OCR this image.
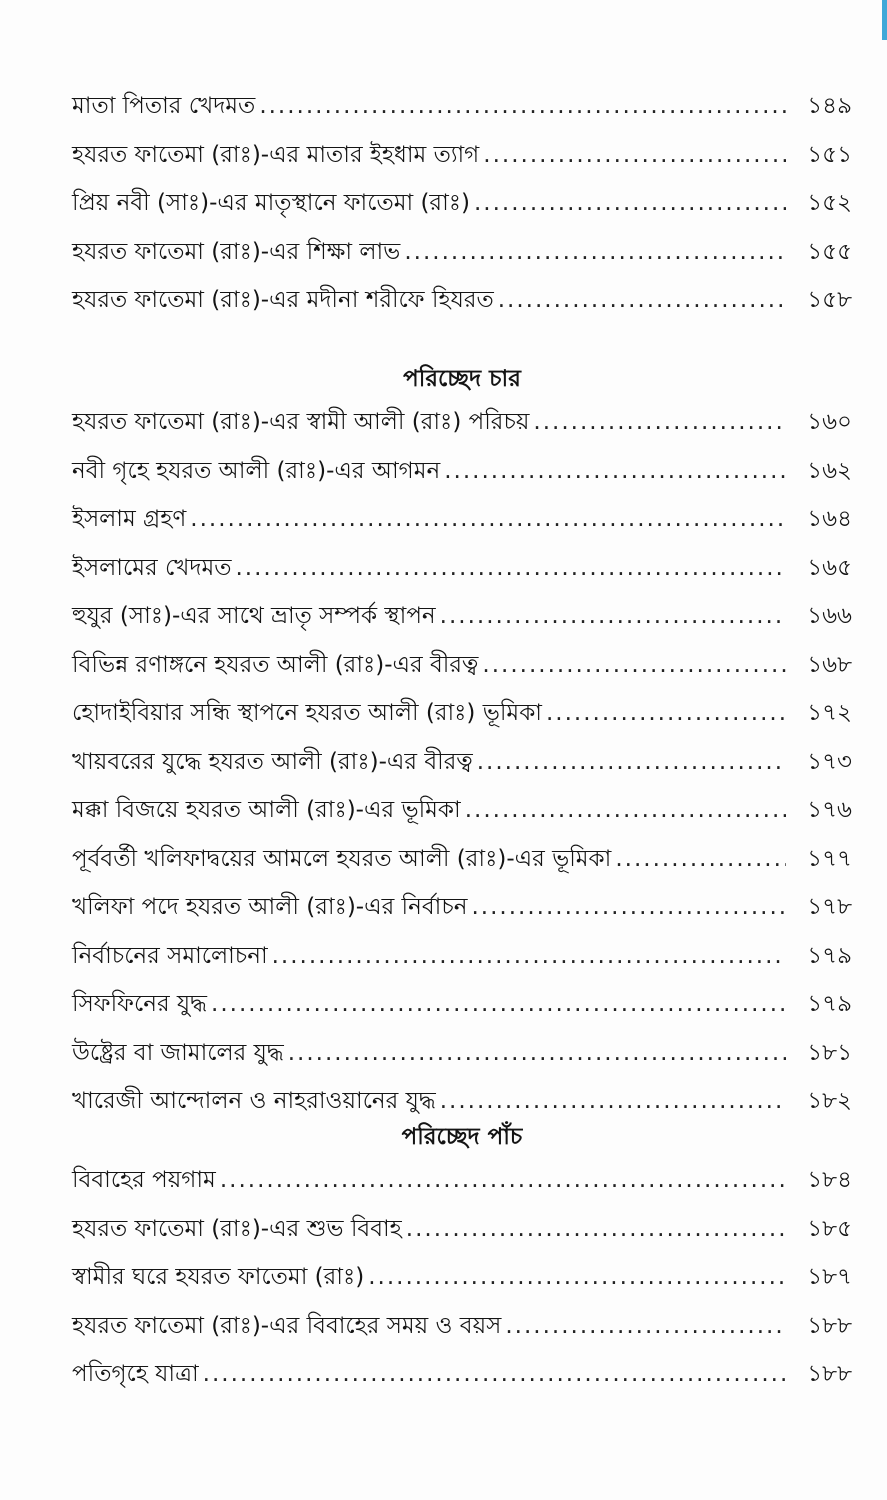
মাতা পিতার খেদমত .....	১৪৯
হযরত ফাতেমা (রাঃ)-এর মাতার ইহধাম ত্যাগ .....	১৫১
প্রিয় নবী (সাঃ)-এর মাতৃস্থানে ফাতেমা (রাঃ) .....	১৫২
হযরত ফাতেমা (রাঃ)-এর শিক্ষা লাভ .....	১৫৫
হযরত ফাতেমা (রাঃ)-এর মদীনা শরীফে হিযরত .....	১৫৮
পরিচ্ছেদ চার
হযরত ফাতেমা (রাঃ)-এর স্বামী আলী (রাঃ) পরিচয় .....	১৬০
নবী গৃহে হযরত আলী (রাঃ)-এর আগমন .....	১৬২
ইসলাম গ্রহণ .....	১৬৪
ইসলামের খেদমত .....	১৬৫
হুযুর (সাঃ)-এর সাথে ভ্রাতৃ সম্পর্ক স্থাপন .....	১৬৬
বিভিন্ন রণাঙ্গনে হযরত আলী (রাঃ)-এর বীরত্ব .....	১৬৮
হোদাইবিয়ার সন্ধি স্থাপনে হযরত আলী (রাঃ) ভূমিকা .....	১৭২
খায়বরের যুদ্ধে হযরত আলী (রাঃ)-এর বীরত্ব .....	১৭৩
মক্কা বিজয়ে হযরত আলী (রাঃ)-এর ভূমিকা .....	১৭৬
পূর্ববর্তী খলিফাদ্বয়ের আমলে হযরত আলী (রাঃ)-এর ভূমিকা .....	১৭৭
খলিফা পদে হযরত আলী (রাঃ)-এর নির্বাচন .....	১৭৮
নির্বাচনের সমালোচনা .....	১৭৯
সিফফিনের যুদ্ধ .....	১৭৯
উষ্ট্রের বা জামালের যুদ্ধ .....	১৮১
খারেজী আন্দোলন ও নাহরাওয়ানের যুদ্ধ .....	১৮২
পরিচ্ছেদ পাঁচ
বিবাহের পয়গাম .....	১৮৪
হযরত ফাতেমা (রাঃ)-এর শুভ বিবাহ .....	১৮৫
স্বামীর ঘরে হযরত ফাতেমা (রাঃ) .....	১৮৭
হযরত ফাতেমা (রাঃ)-এর বিবাহের সময় ও বয়স .....	১৮৮
পতিগৃহে যাত্রা .....	১৮৮
